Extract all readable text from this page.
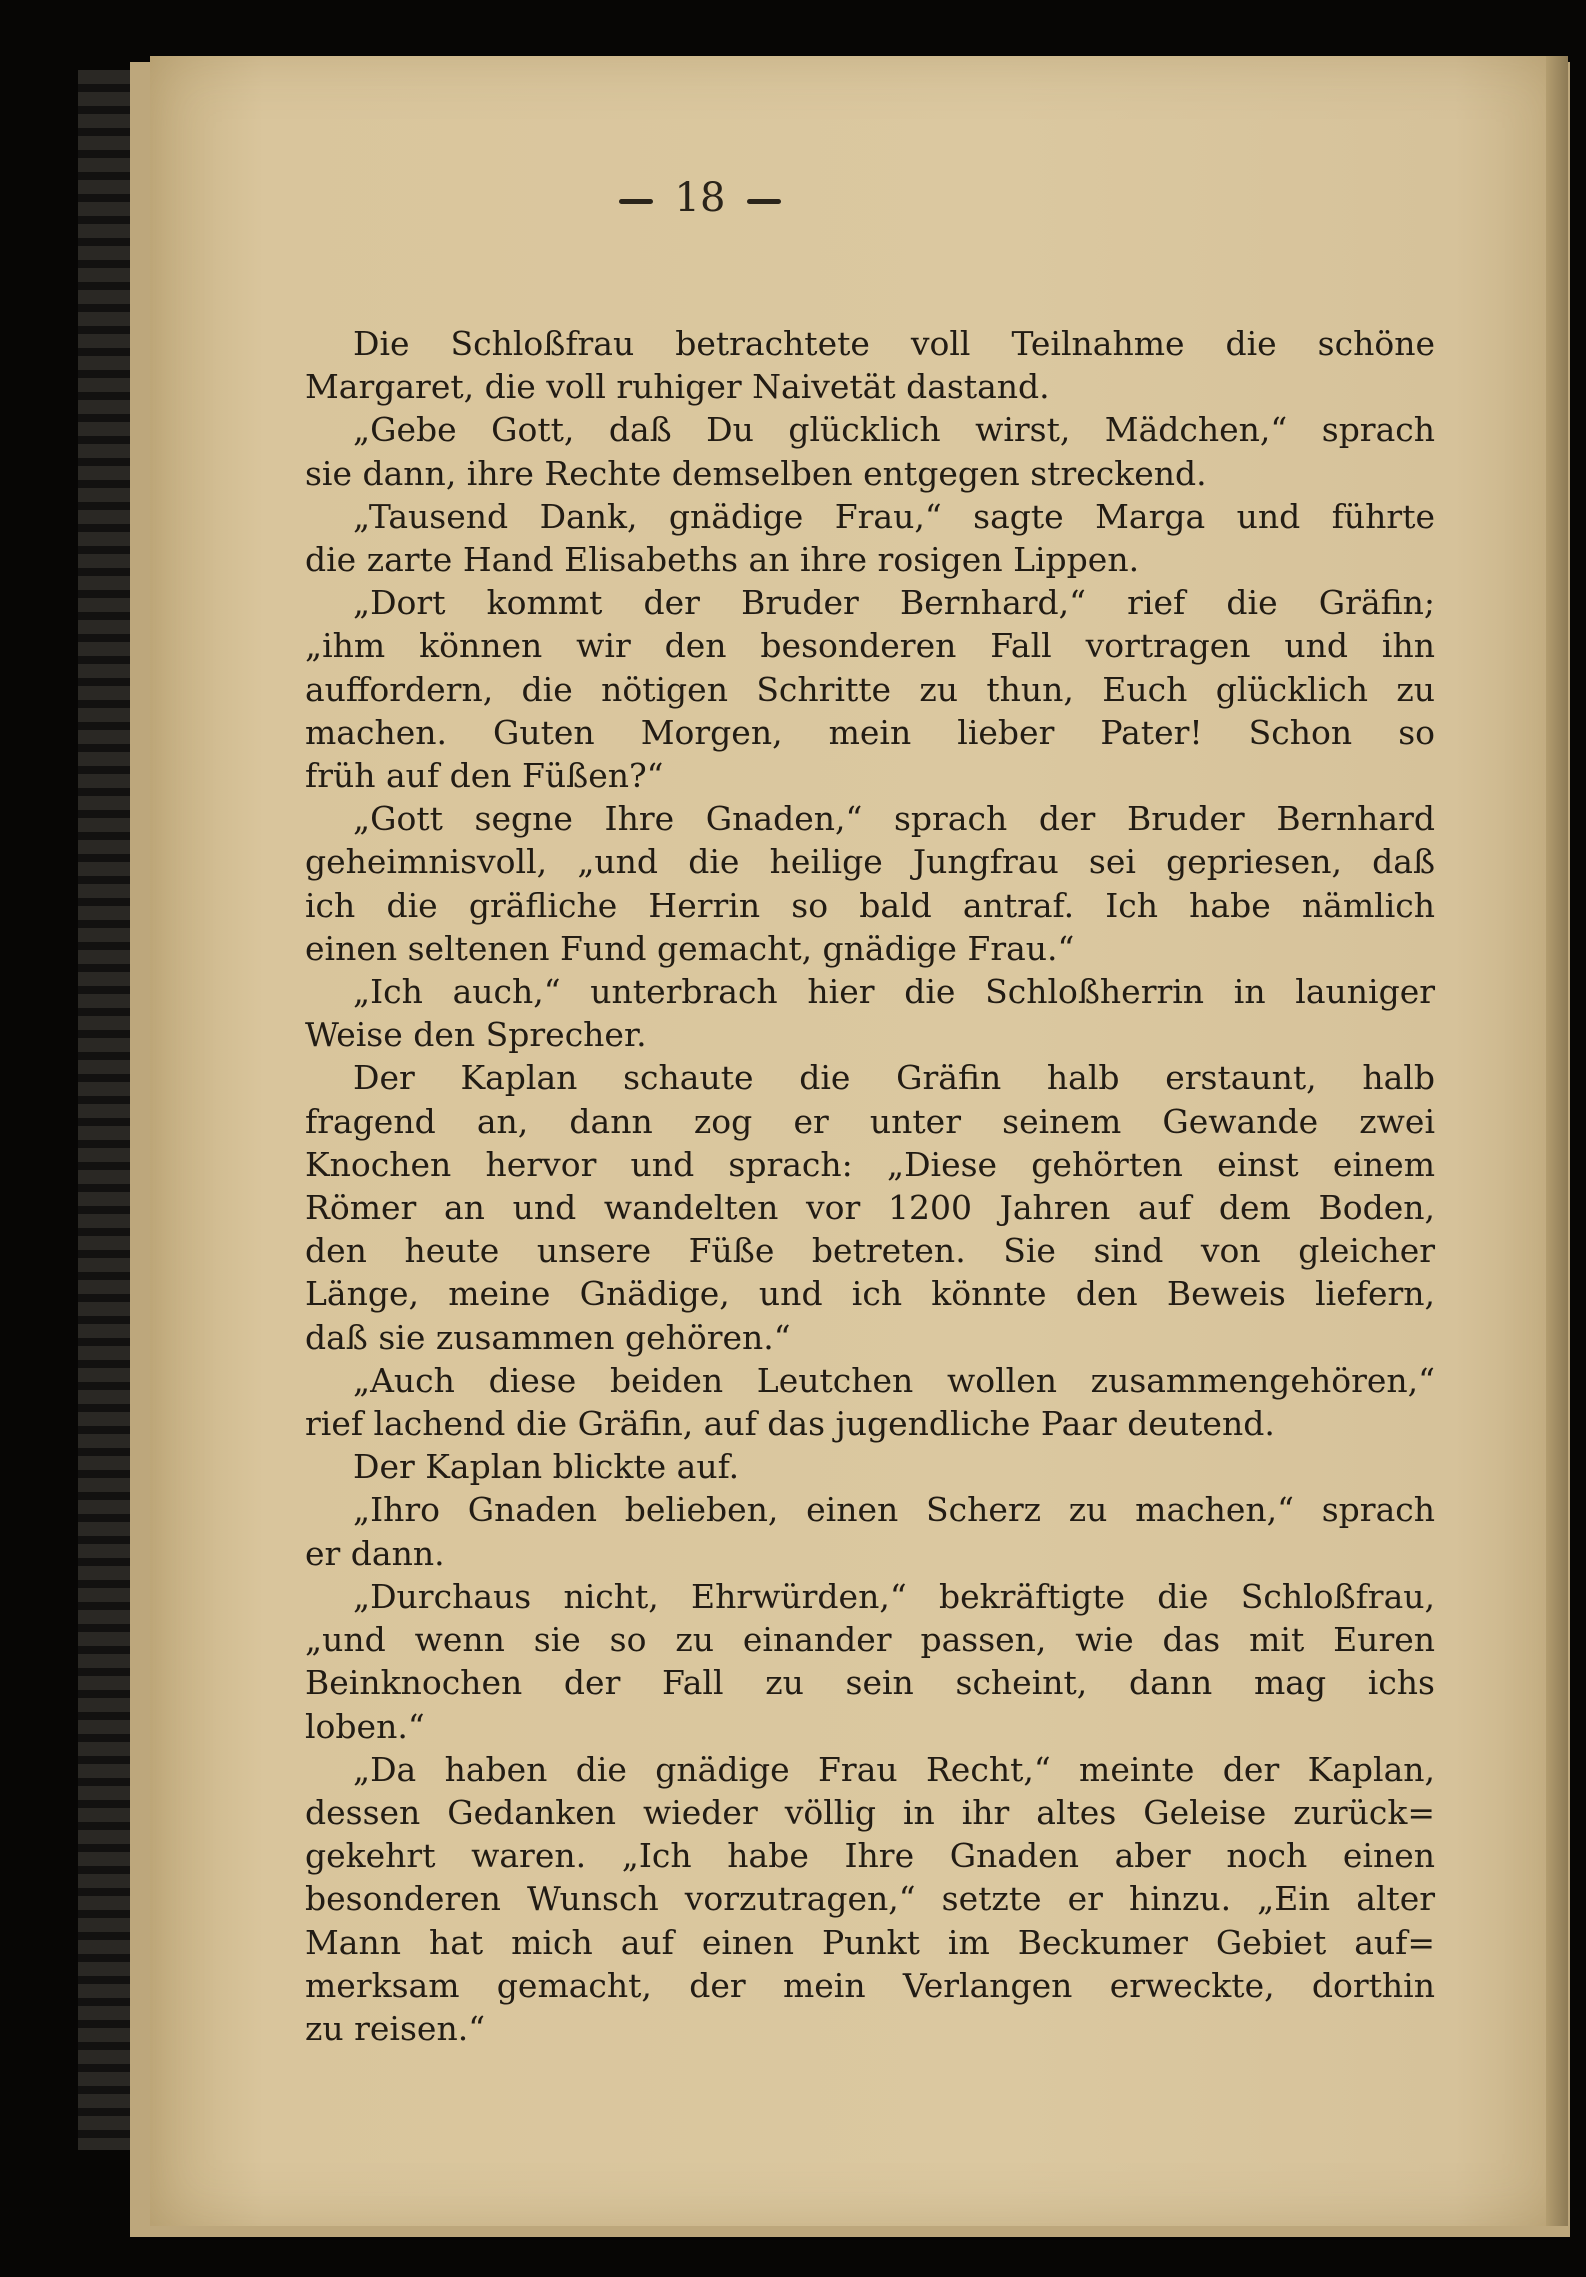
18
Die Schloßfrau betrachtete voll Teilnahme die schöne
Margaret, die voll ruhiger Naivetät dastand.
„Gebe Gott, daß Du glücklich wirst, Mädchen,“ sprach
sie dann, ihre Rechte demselben entgegen streckend.
„Tausend Dank, gnädige Frau,“ sagte Marga und führte
die zarte Hand Elisabeths an ihre rosigen Lippen.
„Dort kommt der Bruder Bernhard,“ rief die Gräfin;
„ihm können wir den besonderen Fall vortragen und ihn
auffordern, die nötigen Schritte zu thun, Euch glücklich zu
machen. Guten Morgen, mein lieber Pater! Schon so
früh auf den Füßen?“
„Gott segne Ihre Gnaden,“ sprach der Bruder Bernhard
geheimnisvoll, „und die heilige Jungfrau sei gepriesen, daß
ich die gräfliche Herrin so bald antraf. Ich habe nämlich
einen seltenen Fund gemacht, gnädige Frau.“
„Ich auch,“ unterbrach hier die Schloßherrin in launiger
Weise den Sprecher.
Der Kaplan schaute die Gräfin halb erstaunt, halb
fragend an, dann zog er unter seinem Gewande zwei
Knochen hervor und sprach: „Diese gehörten einst einem
Römer an und wandelten vor 1200 Jahren auf dem Boden,
den heute unsere Füße betreten. Sie sind von gleicher
Länge, meine Gnädige, und ich könnte den Beweis liefern,
daß sie zusammen gehören.“
„Auch diese beiden Leutchen wollen zusammengehören,“
rief lachend die Gräfin, auf das jugendliche Paar deutend.
Der Kaplan blickte auf.
„Ihro Gnaden belieben, einen Scherz zu machen,“ sprach
er dann.
„Durchaus nicht, Ehrwürden,“ bekräftigte die Schloßfrau,
„und wenn sie so zu einander passen, wie das mit Euren
Beinknochen der Fall zu sein scheint, dann mag ichs
loben.“
„Da haben die gnädige Frau Recht,“ meinte der Kaplan,
dessen Gedanken wieder völlig in ihr altes Geleise zurück=
gekehrt waren. „Ich habe Ihre Gnaden aber noch einen
besonderen Wunsch vorzutragen,“ setzte er hinzu. „Ein alter
Mann hat mich auf einen Punkt im Beckumer Gebiet auf=
merksam gemacht, der mein Verlangen erweckte, dorthin
zu reisen.“
